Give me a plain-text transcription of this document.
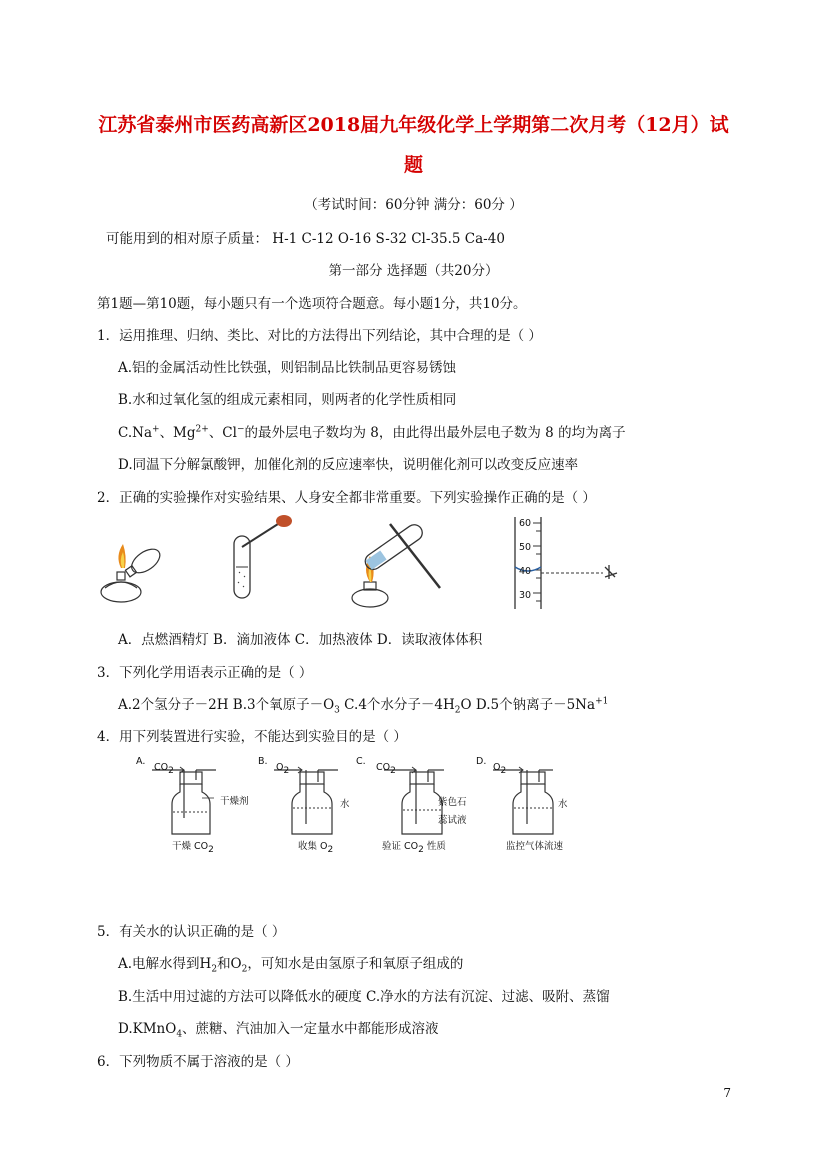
江苏省泰州市医药高新区2018届九年级化学上学期第二次月考（12月）试
题
（考试时间：60分钟 满分：60分 ）
可能用到的相对原子质量： H-1 C-12 O-16 S-32 Cl-35.5 Ca-40
第一部分 选择题（共20分）
第1题—第10题，每小题只有一个选项符合题意。每小题1分，共10分。
1．运用推理、归纳、类比、对比的方法得出下列结论，其中合理的是（ ）
A.铝的金属活动性比铁强，则铝制品比铁制品更容易锈蚀
B.水和过氧化氢的组成元素相同，则两者的化学性质相同
C.Na+、$Mg^{2+}$、Cl−的最外层电子数均为 8，由此得出最外层电子数为 8 的均为离子
D.同温下分解氯酸钾，加催化剂的反应速率快，说明催化剂可以改变反应速率
2．正确的实验操作对实验结果、人身安全都非常重要。下列实验操作正确的是（ ）
60
50
40
30
A．点燃酒精灯 B．滴加液体 C．加热液体 D．读取液体体积
3．下列化学用语表示正确的是（ ）
A.2个氢分子－2H B.3个氧原子$-O_3$ C.4个水分子$-4H_2O$ D.5个钠离子$-5Na^{+1}$
4．用下列装置进行实验，不能达到实验目的是（ ）
A.
$CO_2$
干燥剂
干燥 $CO_2$
B.
$O_2$
水
收集 $O_2$
C.
$CO_2$
紫色石
蕊试液
验证 $CO_2$ 性质
D.
$O_2$
水
监控气体流速
5．有关水的认识正确的是（ ）
A.电解水得到$H_2$和$O_2$，可知水是由氢原子和氧原子组成的
B.生活中用过滤的方法可以降低水的硬度 C.净水的方法有沉淀、过滤、吸附、蒸馏
D.KMnO$_4$、蔗糖、汽油加入一定量水中都能形成溶液
6．下列物质不属于溶液的是（ ）
7
